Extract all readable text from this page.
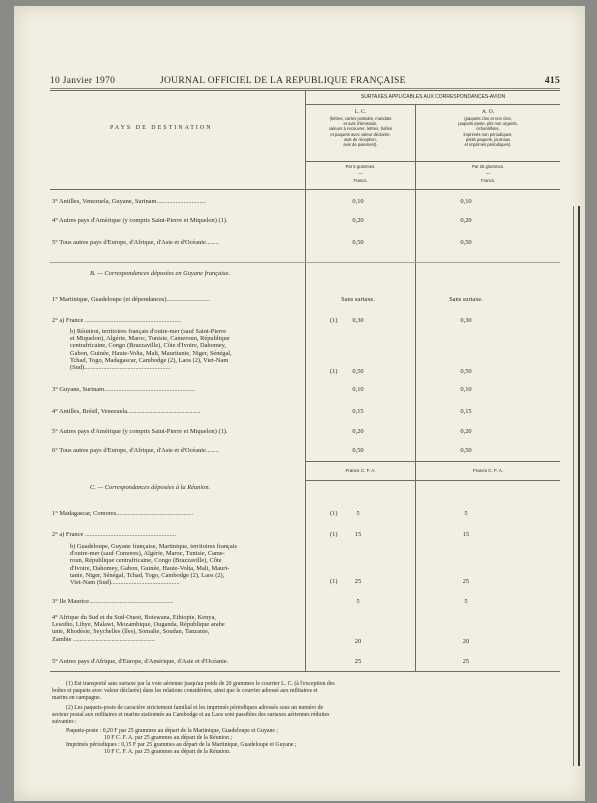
10 Janvier 1970	JOURNAL OFFICIEL DE LA REPUBLIQUE FRANÇAISE	415
PAYS DE DESTINATION
SURTAXES APPLICABLES AUX CORRESPONDANCES-AVION
L. C.
(lettres, cartes postales, mandats
et avis d'émission,
valeurs à recouvrer, lettres, boîtes
et paquets avec valeur déclarée,
avis de réception,
avis de paiement).
A. O.
(paquets clos et non clos,
paquets-poste, plis non urgents,
échantillons,
imprimés non périodiques,
petits paquets, journaux
et imprimés périodiques).
Par 5 grammes.
—
Francs.
Par 25 grammes.
—
Francs.
3° Antilles, Venezuela, Guyane, Surinam...............................	0,10	0,10
4° Autres pays d'Amérique (y compris Saint-Pierre et Miquelon) (1).	0,20	0,20
5° Tous autres pays d'Europe, d'Afrique, d'Asie et d'Océanie........	0,50	0,50
B. — Correspondances déposées en Guyane française.
1° Martinique, Guadeloupe (et dépendances)...........................	Sans surtaxe.	Sans surtaxe.
2° a) France ............................................................	(1)	0,30	0,30
b) Réunion, territoires français d'outre-mer (sauf Saint-Pierre
et Miquelon), Algérie, Maroc, Tunisie, Cameroun, République
centrafricaine, Congo (Brazzaville), Côte d'Ivoire, Dahomey,
Gabon, Guinée, Haute-Volta, Mali, Mauritanie, Niger, Sénégal,
Tchad, Togo, Madagascar, Cambodge (2), Laos (2), Viet-Nam
(Sud)......................................................
(1)	0,50	0,50
3° Guyane, Surinam.........................................................	0,10	0,10
4° Antilles, Brésil, Venezuela..............................................	0,15	0,15
5° Autres pays d'Amérique (y compris Saint-Pierre et Miquelon) (1).	0,20	0,20
6° Tous autres pays d'Europe, d'Afrique, d'Asie et d'Océanie........	0,50	0,50
Francs C. F. A.	Francs C. F. A.
C. — Correspondances déposées à la Réunion.
1° Madagascar, Comores................................................	(1)	5	5
2° a) France .........................................................	(1)	15	15
b) Guadeloupe, Guyane française, Martinique, territoires français
d'outre-mer (sauf Comores), Algérie, Maroc, Tunisie, Came-
roun, République centrafricaine, Congo (Brazzaville), Côte
d'Ivoire, Dahomey, Gabon, Guinée, Haute-Volta, Mali, Mauri-
tanie, Niger, Sénégal, Tchad, Togo, Cambodge (2), Laos (2),
Viet-Nam (Sud)...........................................	(1)	25	25
3° Ile Maurice.....................................................	5	5
4° Afrique du Sud et du Sud-Ouest, Botswana, Ethiopie, Kenya,
Lesotho, Libye, Malawi, Mozambique, Ouganda, République arabe
unie, Rhodésie, Seychelles (îles), Somalie, Soudan, Tanzanie,
Zambie ...................................................	20	20
5° Autres pays d'Afrique, d'Europe, d'Amérique, d'Asie et d'Océanie.	25	25
(1) Est transporté sans surtaxe par la voie aérienne jusqu'au poids de 20 grammes le courrier L. C. (à l'exception des
boîtes et paquets avec valeur déclarée) dans les relations considérées, ainsi que le courrier adressé aux militaires et
marins en campagne.
(2) Les paquets-poste de caractère strictement familial et les imprimés périodiques adressés sous un numéro de
secteur postal aux militaires et marins stationnés au Cambodge et au Laos sont passibles des surtaxes aériennes réduites
suivantes :
Paquets-poste : 0,20 F par 25 grammes au départ de la Martinique, Guadeloupe et Guyane ;
10 F C. F. A. par 25 grammes au départ de la Réunion ;
Imprimés périodiques : 0,15 F par 25 grammes au départ de la Martinique, Guadeloupe et Guyane ;
10 F C. F. A. par 25 grammes au départ de la Réunion.
